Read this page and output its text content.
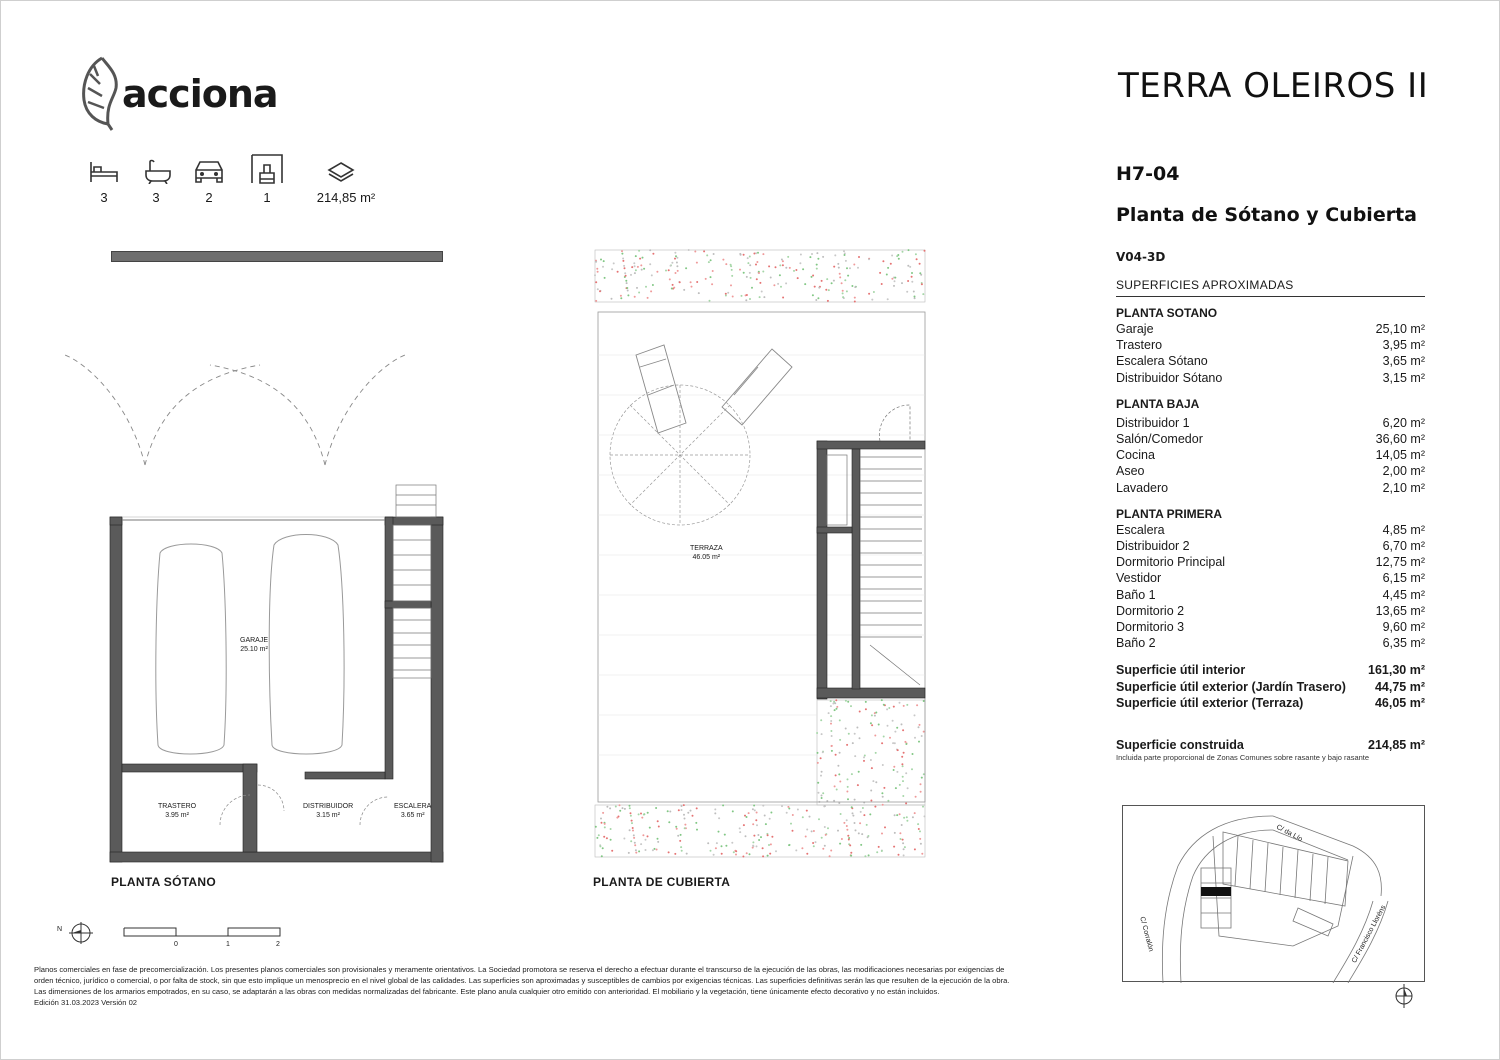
acciona
3	3	2	1	214,85 m²
TERRA OLEIROS II
H7-04
Planta de Sótano y Cubierta
V04-3D
SUPERFICIES APROXIMADAS
PLANTA SOTANO
Garaje	25,10 m²
Trastero	3,95 m²
Escalera Sótano	3,65 m²
Distribuidor Sótano	3,15 m²
PLANTA BAJA
Distribuidor 1	6,20 m²
Salón/Comedor	36,60 m²
Cocina	14,05 m²
Aseo	2,00 m²
Lavadero	2,10 m²
PLANTA PRIMERA
Escalera	4,85 m²
Distribuidor 2	6,70 m²
Dormitorio Principal	12,75 m²
Vestidor	6,15 m²
Baño 1	4,45 m²
Dormitorio 2	13,65 m²
Dormitorio 3	9,60 m²
Baño 2	6,35 m²
Superficie útil interior	161,30 m²
Superficie útil exterior (Jardín Trasero) 44,75 m²
Superficie útil exterior (Terraza)	46,05 m²
Superficie construida	214,85 m²
Incluida parte proporcional de Zonas Comunes sobre rasante y bajo rasante
C/ da Lío
C/ Corralón	C/ Francisco Lloréns
GARAJE
25.10 m²
TRASTERO
3.95 m²
DISTRIBUIDOR
3.15 m²
ESCALERA
3.65 m²
PLANTA SÓTANO
TERRAZA
46.05 m²
PLANTA DE CUBIERTA
N
0	1	2
Planos comerciales en fase de precomercialización. Los presentes planos comerciales son provisionales y meramente orientativos. La Sociedad promotora se reserva el derecho a efectuar durante el transcurso de la ejecución de las obras, las modificaciones necesarias por exigencias de orden técnico, jurídico o comercial, o por falta de stock, sin que esto implique un menosprecio en el nivel global de las calidades. Las superficies son aproximadas y susceptibles de cambios por exigencias técnicas. Las superficies definitivas serán las que resulten de la ejecución de la obra. Las dimensiones de los armarios empotrados, en su caso, se adaptarán a las obras con medidas normalizadas del fabricante. Este plano anula cualquier otro emitido con anterioridad. El mobiliario y la vegetación, tiene únicamente efecto decorativo y no están incluidos.
Edición 31.03.2023 Versión 02
